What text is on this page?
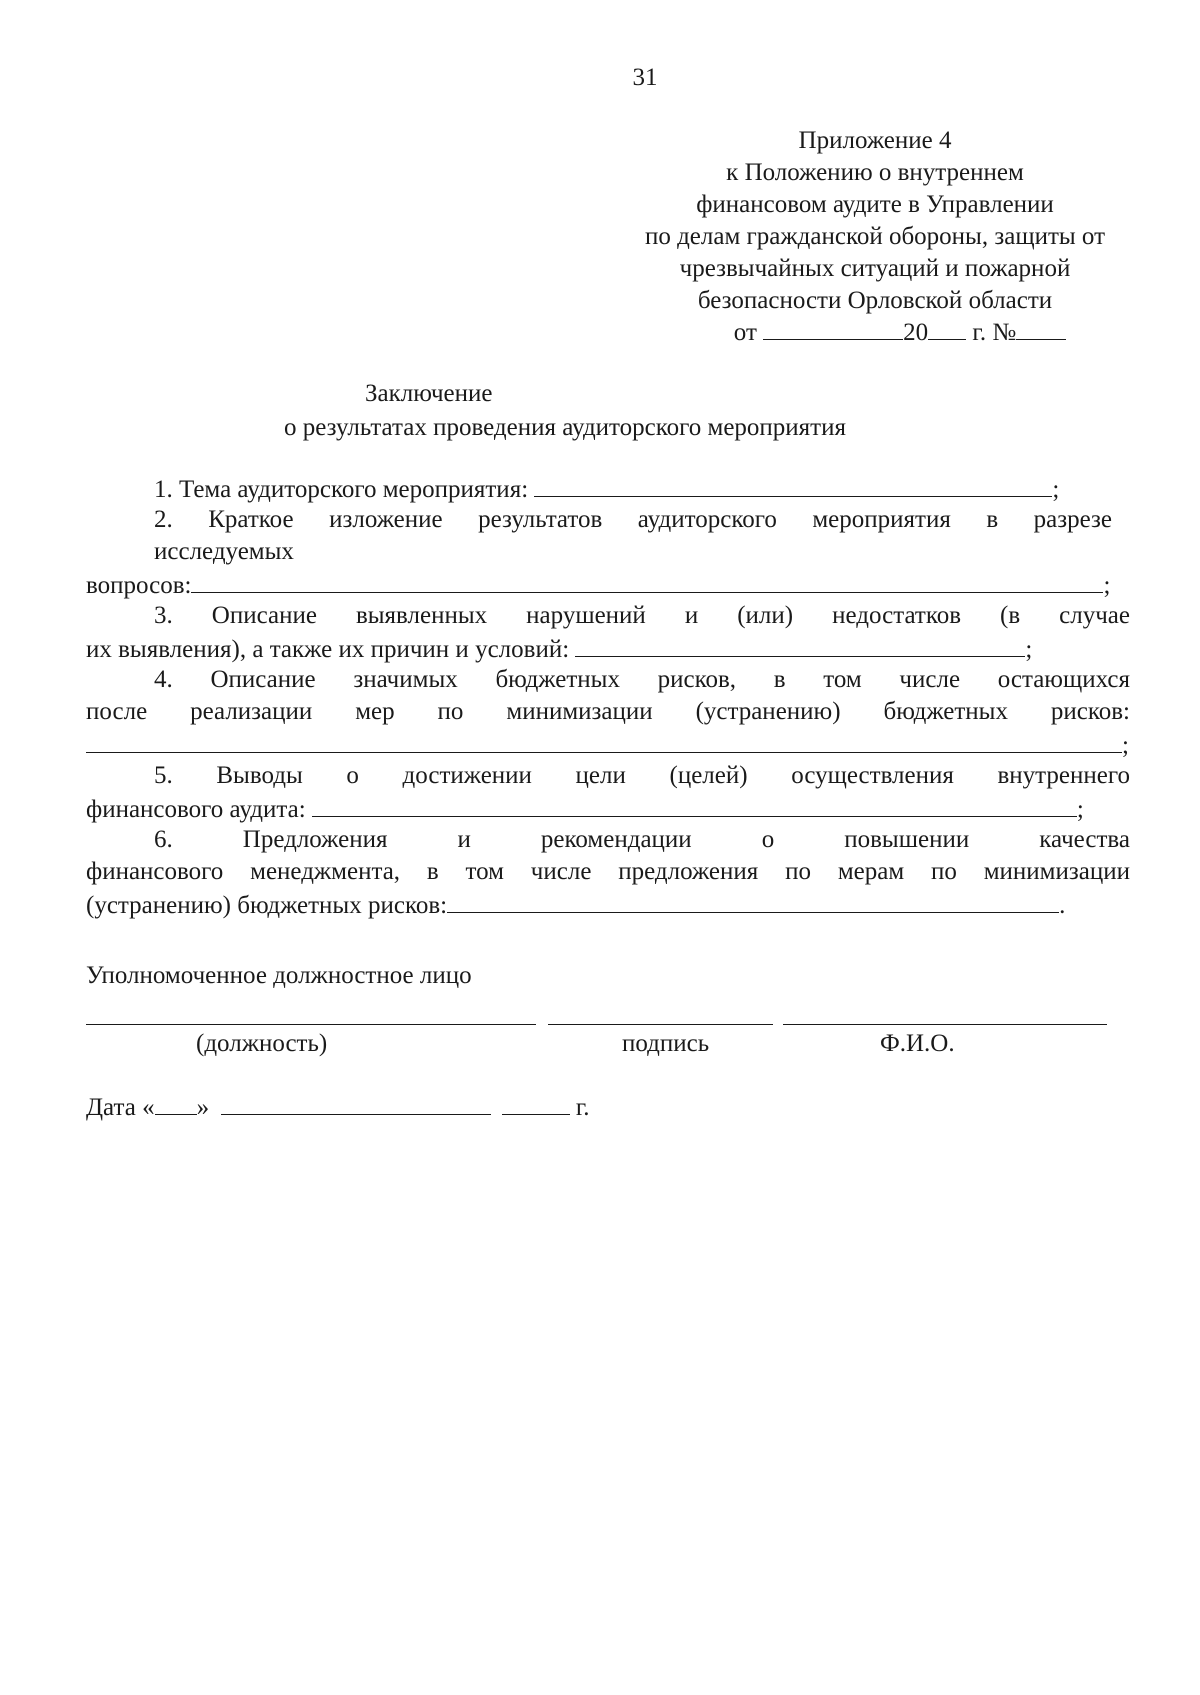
31
Приложение 4
к Положению о внутреннем
финансовом аудите в Управлении
по делам гражданской обороны, защиты от
чрезвычайных ситуаций и пожарной
безопасности Орловской области
от	20 г. №
Заключение
о результатах проведения аудиторского мероприятия
1. Тема аудиторского мероприятия:	;
2. Краткое изложение результатов аудиторского мероприятия в разрезе
исследуемых
вопросов:	;
3. Описание выявленных нарушений и (или) недостатков (в случае
их выявления), а также их причин и условий:	;
4. Описание значимых бюджетных рисков, в том числе остающихся
после реализации мер по минимизации (устранению) бюджетных рисков:
;
5. Выводы о достижении цели (целей) осуществления внутреннего
финансового аудита:	;
6. Предложения и рекомендации о повышении качества
финансового менеджмента, в том числе предложения по мерам по минимизации
(устранению) бюджетных рисков:	.
Уполномоченное должностное лицо
(должность)	подпись	Ф.И.О.
Дата « »	г.
